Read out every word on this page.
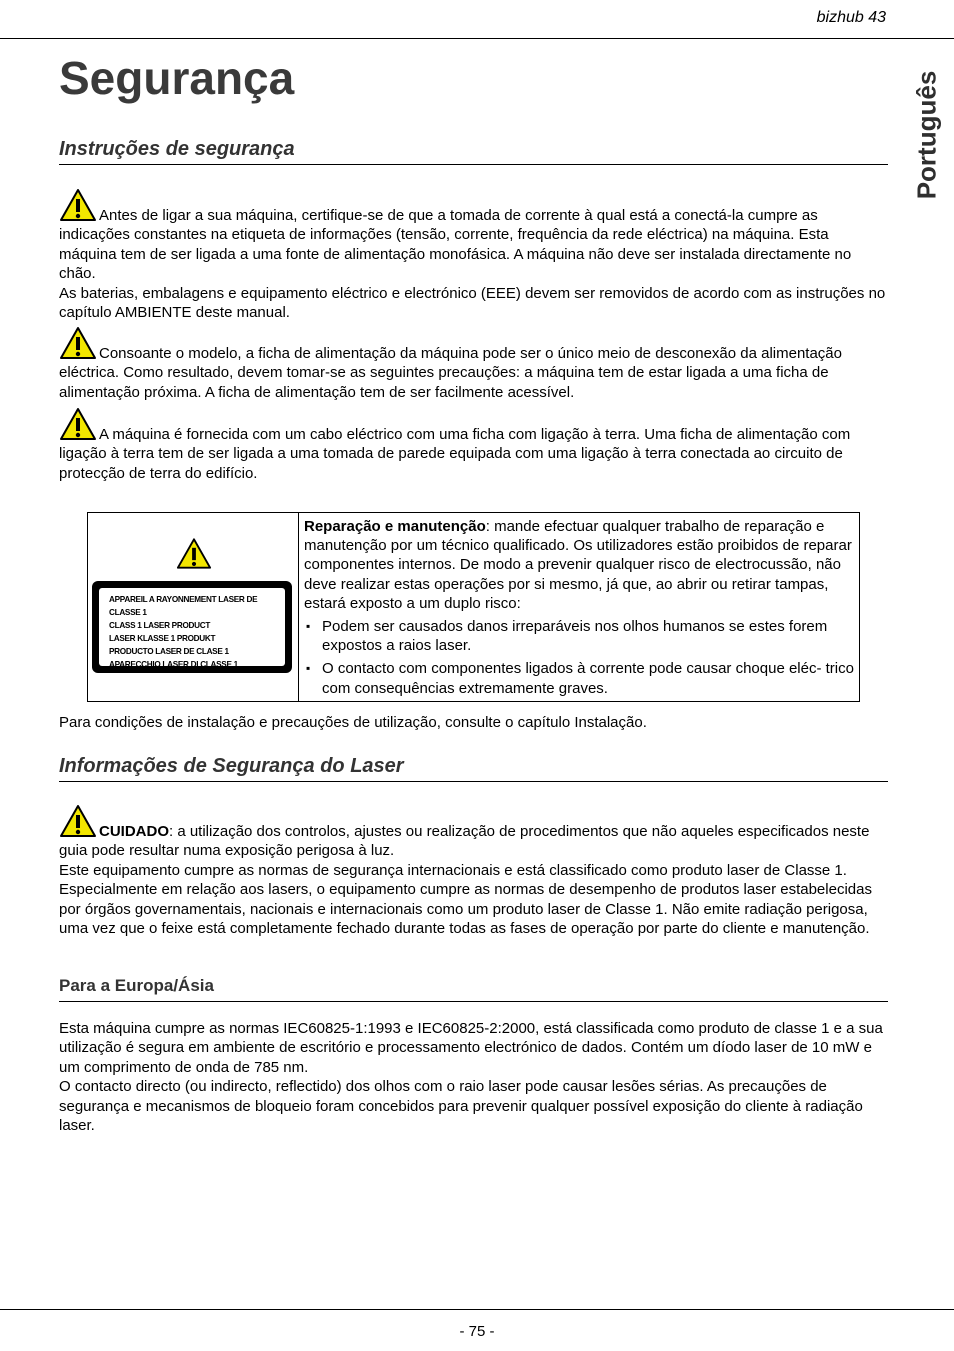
bizhub 43
Segurança	Português
Instruções de segurança
Antes de ligar a sua máquina, certifique-se de que a tomada de corrente à qual está a conectá-la cumpre as indicações constantes na etiqueta de informações (tensão, corrente, frequência da rede eléctrica) na máquina. Esta máquina tem de ser ligada a uma fonte de alimentação monofásica. A máquina não deve ser instalada directamente no chão.
As baterias, embalagens e equipamento eléctrico e electrónico (EEE) devem ser removidos de acordo com as instruções no capítulo AMBIENTE deste manual.
Consoante o modelo, a ficha de alimentação da máquina pode ser o único meio de desconexão da alimentação eléctrica. Como resultado, devem tomar-se as seguintes precauções: a máquina tem de estar ligada a uma ficha de alimentação próxima. A ficha de alimentação tem de ser facilmente acessível.
A máquina é fornecida com um cabo eléctrico com uma ficha com ligação à terra. Uma ficha de alimentação com ligação à terra tem de ser ligada a uma tomada de parede equipada com uma ligação à terra conectada ao circuito de protecção de terra do edifício.
APPAREIL A RAYONNEMENT LASER DE CLASSE 1
CLASS 1 LASER PRODUCT
LASER KLASSE 1 PRODUKT
PRODUCTO LASER DE CLASE 1
APARECCHIO LASER DI CLASSE 1
Reparação e manutenção: mande efectuar qualquer trabalho de reparação e manutenção por um técnico qualificado. Os utilizadores estão proibidos de reparar componentes internos. De modo a prevenir qualquer risco de electrocussão, não deve realizar estas operações por si mesmo, já que, ao abrir ou retirar tampas, estará exposto a um duplo risco:
▪ Podem ser causados danos irreparáveis nos olhos humanos se estes forem expostos a raios laser.
▪ O contacto com componentes ligados à corrente pode causar choque eléc- trico com consequências extremamente graves.
Para condições de instalação e precauções de utilização, consulte o capítulo Instalação.
Informações de Segurança do Laser
CUIDADO: a utilização dos controlos, ajustes ou realização de procedimentos que não aqueles especificados neste guia pode resultar numa exposição perigosa à luz.
Este equipamento cumpre as normas de segurança internacionais e está classificado como produto laser de Classe 1. Especialmente em relação aos lasers, o equipamento cumpre as normas de desempenho de produtos laser estabelecidas por órgãos governamentais, nacionais e internacionais como um produto laser de Classe 1. Não emite radiação perigosa, uma vez que o feixe está completamente fechado durante todas as fases de operação por parte do cliente e manutenção.
Para a Europa/Ásia
Esta máquina cumpre as normas IEC60825-1:1993 e IEC60825-2:2000, está classificada como produto de classe 1 e a sua utilização é segura em ambiente de escritório e processamento electrónico de dados. Contém um díodo laser de 10 mW e um comprimento de onda de 785 nm.
O contacto directo (ou indirecto, reflectido) dos olhos com o raio laser pode causar lesões sérias. As precauções de segurança e mecanismos de bloqueio foram concebidos para prevenir qualquer possível exposição do cliente à radiação laser.
- 75 -
